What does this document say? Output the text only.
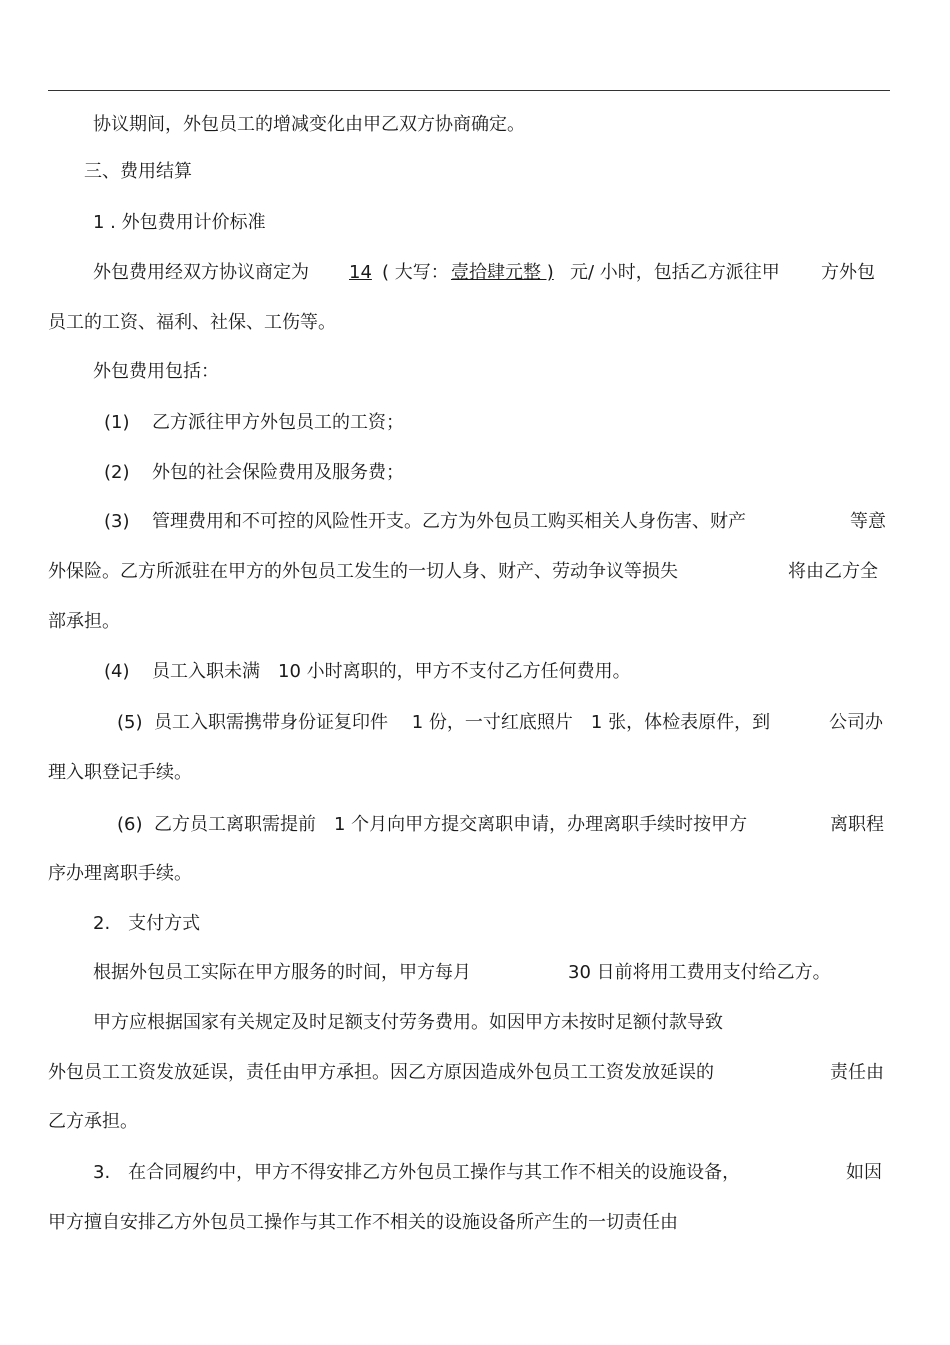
协议期间，外包员工的增减变化由甲乙双方协商确定。
三、费用结算
1 . 外包费用计价标准
外包费用经双方协议商定为 14 ( 大写： 壹拾肆元整 ) 元/ 小时，包括乙方派往甲 方外包
员工的工资、福利、社保、工伤等。
外包费用包括：
(1) 乙方派往甲方外包员工的工资；
(2) 外包的社会保险费用及服务费；
(3) 管理费用和不可控的风险性开支。乙方为外包员工购买相关人身伤害、财产	等意
外保险。乙方所派驻在甲方的外包员工发生的一切人身、财产、劳动争议等损失	将由乙方全
部承担。
(4) 员工入职未满　10 小时离职的，甲方不支付乙方任何费用。
(5) 员工入职需携带身份证复印件　 1 份，一寸红底照片　1 张，体检表原件，到	公司办
理入职登记手续。
(6) 乙方员工离职需提前　1 个月向甲方提交离职申请，办理离职手续时按甲方	离职程
序办理离职手续。
2.　支付方式
根据外包员工实际在甲方服务的时间，甲方每月	30 日前将用工费用支付给乙方。
甲方应根据国家有关规定及时足额支付劳务费用。如因甲方未按时足额付款导致
外包员工工资发放延误，责任由甲方承担。因乙方原因造成外包员工工资发放延误的	责任由
乙方承担。
3.　在合同履约中，甲方不得安排乙方外包员工操作与其工作不相关的设施设备，	如因
甲方擅自安排乙方外包员工操作与其工作不相关的设施设备所产生的一切责任由
